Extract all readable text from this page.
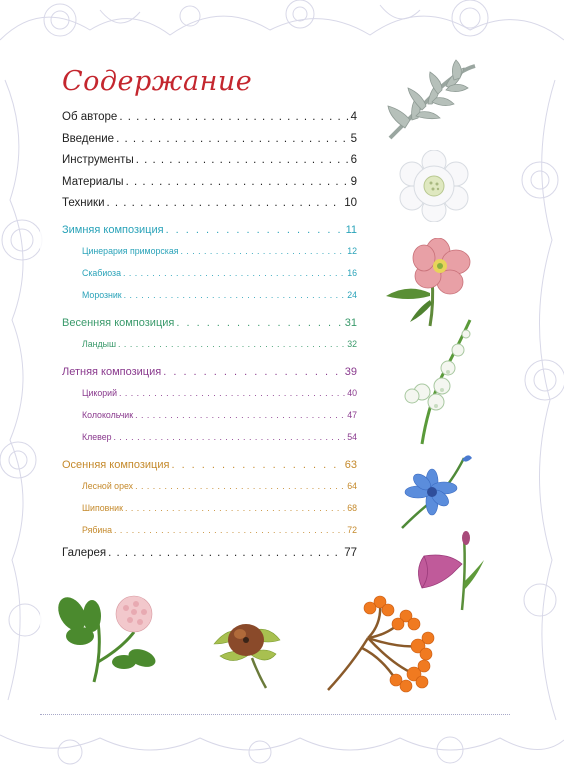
Содержание
Об авторе . . .	4
Введение . . .	5
Инструменты . . .	6
Материалы . . .	9
Техники . . .	10
Зимняя композиция . . .	11
Цинерария приморская . . .	12
Скабиоза . . .	16
Морозник . . .	24
Весенняя композиция . . .	31
Ландыш . . .	32
Летняя композиция . . .	39
Цикорий . . .	40
Колокольчик . . .	47
Клевер . . .	54
Осенняя композиция . . .	63
Лесной орех . . .	64
Шиповник . . .	68
Рябина . . .	72
Галерея . . .	77
